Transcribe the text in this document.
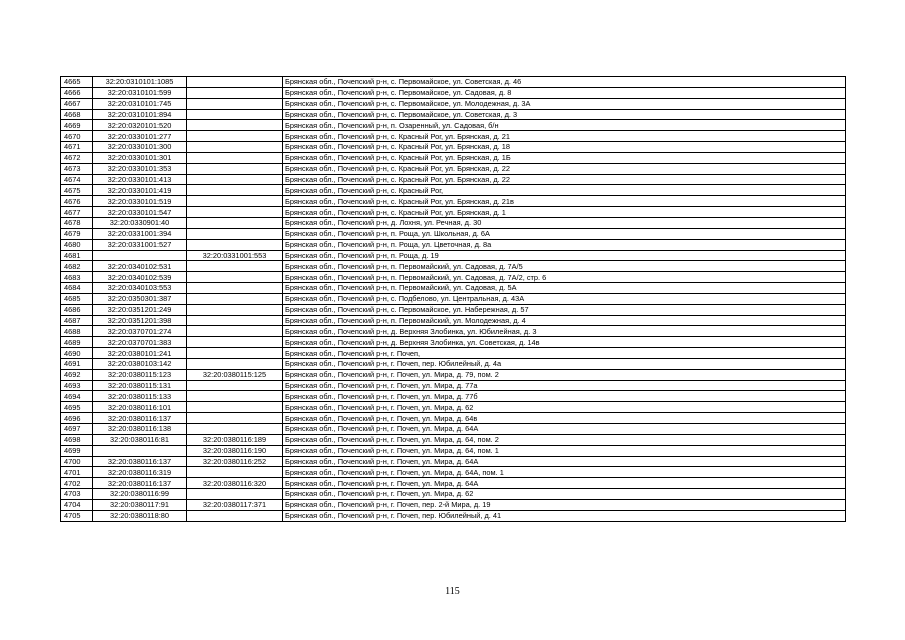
4665	32:20:0310101:1085		Брянская обл., Почепский р-н, с. Первомайское, ул. Советская, д. 46
4666	32:20:0310101:599		Брянская обл., Почепский р-н, с. Первомайское, ул. Садовая, д. 8
4667	32:20:0310101:745		Брянская обл., Почепский р-н, с. Первомайское, ул. Молодежная, д. 3А
4668	32:20:0310101:894		Брянская обл., Почепский р-н, с. Первомайское, ул. Советская, д. 3
4669	32:20:0320101:520		Брянская обл., Почепский р-н, п. Озаренный, ул. Садовая, б/н
4670	32:20:0330101:277		Брянская обл., Почепский р-н, с. Красный Рог, ул. Брянская, д. 21
4671	32:20:0330101:300		Брянская обл., Почепский р-н, с. Красный Рог, ул. Брянская, д. 18
4672	32:20:0330101:301		Брянская обл., Почепский р-н, с. Красный Рог, ул. Брянская, д. 1Б
4673	32:20:0330101:353		Брянская обл., Почепский р-н, с. Красный Рог, ул. Брянская, д. 22
4674	32:20:0330101:413		Брянская обл., Почепский р-н, с. Красный Рог, ул. Брянская, д. 22
4675	32:20:0330101:419		Брянская обл., Почепский р-н, с. Красный Рог,
4676	32:20:0330101:519		Брянская обл., Почепский р-н, с. Красный Рог, ул. Брянская, д. 21в
4677	32:20:0330101:547		Брянская обл., Почепский р-н, с. Красный Рог, ул. Брянская, д. 1
4678	32:20:0330901:40		Брянская обл., Почепский р-н, д. Лохня, ул. Речная, д. 30
4679	32:20:0331001:394		Брянская обл., Почепский р-н, п. Роща, ул. Школьная, д. 6А
4680	32:20:0331001:527		Брянская обл., Почепский р-н, п. Роща, ул. Цветочная, д. 8а
4681		32:20:0331001:553	Брянская обл., Почепский р-н, п. Роща, д. 19
4682	32:20:0340102:531		Брянская обл., Почепский р-н, п. Первомайский, ул. Садовая, д. 7А/5
4683	32:20:0340102:539		Брянская обл., Почепский р-н, п. Первомайский, ул. Садовая, д. 7А/2, стр. 6
4684	32:20:0340103:553		Брянская обл., Почепский р-н, п. Первомайский, ул. Садовая, д. 5А
4685	32:20:0350301:387		Брянская обл., Почепский р-н, с. Подбелово, ул. Центральная, д. 43А
4686	32:20:0351201:249		Брянская обл., Почепский р-н, с. Первомайское, ул. Набережная, д. 57
4687	32:20:0351201:398		Брянская обл., Почепский р-н, п. Первомайский, ул. Молодежная, д. 4
4688	32:20:0370701:274		Брянская обл., Почепский р-н, д. Верхняя Злобинка, ул. Юбилейная, д. 3
4689	32:20:0370701:383		Брянская обл., Почепский р-н, д. Верхняя Злобинка, ул. Советская, д. 14в
4690	32:20:0380101:241		Брянская обл., Почепский р-н, г. Почеп,
4691	32:20:0380103:142		Брянская обл., Почепский р-н, г. Почеп, пер. Юбилейный, д. 4а
4692	32:20:0380115:123	32:20:0380115:125	Брянская обл., Почепский р-н, г. Почеп, ул. Мира, д. 79, пом. 2
4693	32:20:0380115:131		Брянская обл., Почепский р-н, г. Почеп, ул. Мира, д. 77а
4694	32:20:0380115:133		Брянская обл., Почепский р-н, г. Почеп, ул. Мира, д. 77б
4695	32:20:0380116:101		Брянская обл., Почепский р-н, г. Почеп, ул. Мира, д. 62
4696	32:20:0380116:137		Брянская обл., Почепский р-н, г. Почеп, ул. Мира, д. 64в
4697	32:20:0380116:138		Брянская обл., Почепский р-н, г. Почеп, ул. Мира, д. 64А
4698	32:20:0380116:81	32:20:0380116:189	Брянская обл., Почепский р-н, г. Почеп, ул. Мира, д. 64, пом. 2
4699		32:20:0380116:190	Брянская обл., Почепский р-н, г. Почеп, ул. Мира, д. 64, пом. 1
4700	32:20:0380116:137	32:20:0380116:252	Брянская обл., Почепский р-н, г. Почеп, ул. Мира, д. 64А
4701	32:20:0380116:319		Брянская обл., Почепский р-н, г. Почеп, ул. Мира, д. 64А, пом. 1
4702	32:20:0380116:137	32:20:0380116:320	Брянская обл., Почепский р-н, г. Почеп, ул. Мира, д. 64А
4703	32:20:0380116:99		Брянская обл., Почепский р-н, г. Почеп, ул. Мира, д. 62
4704	32:20:0380117:91	32:20:0380117:371	Брянская обл., Почепский р-н, г. Почеп, пер. 2-й Мира, д. 19
4705	32:20:0380118:80		Брянская обл., Почепский р-н, г. Почеп, пер. Юбилейный, д. 41
115
